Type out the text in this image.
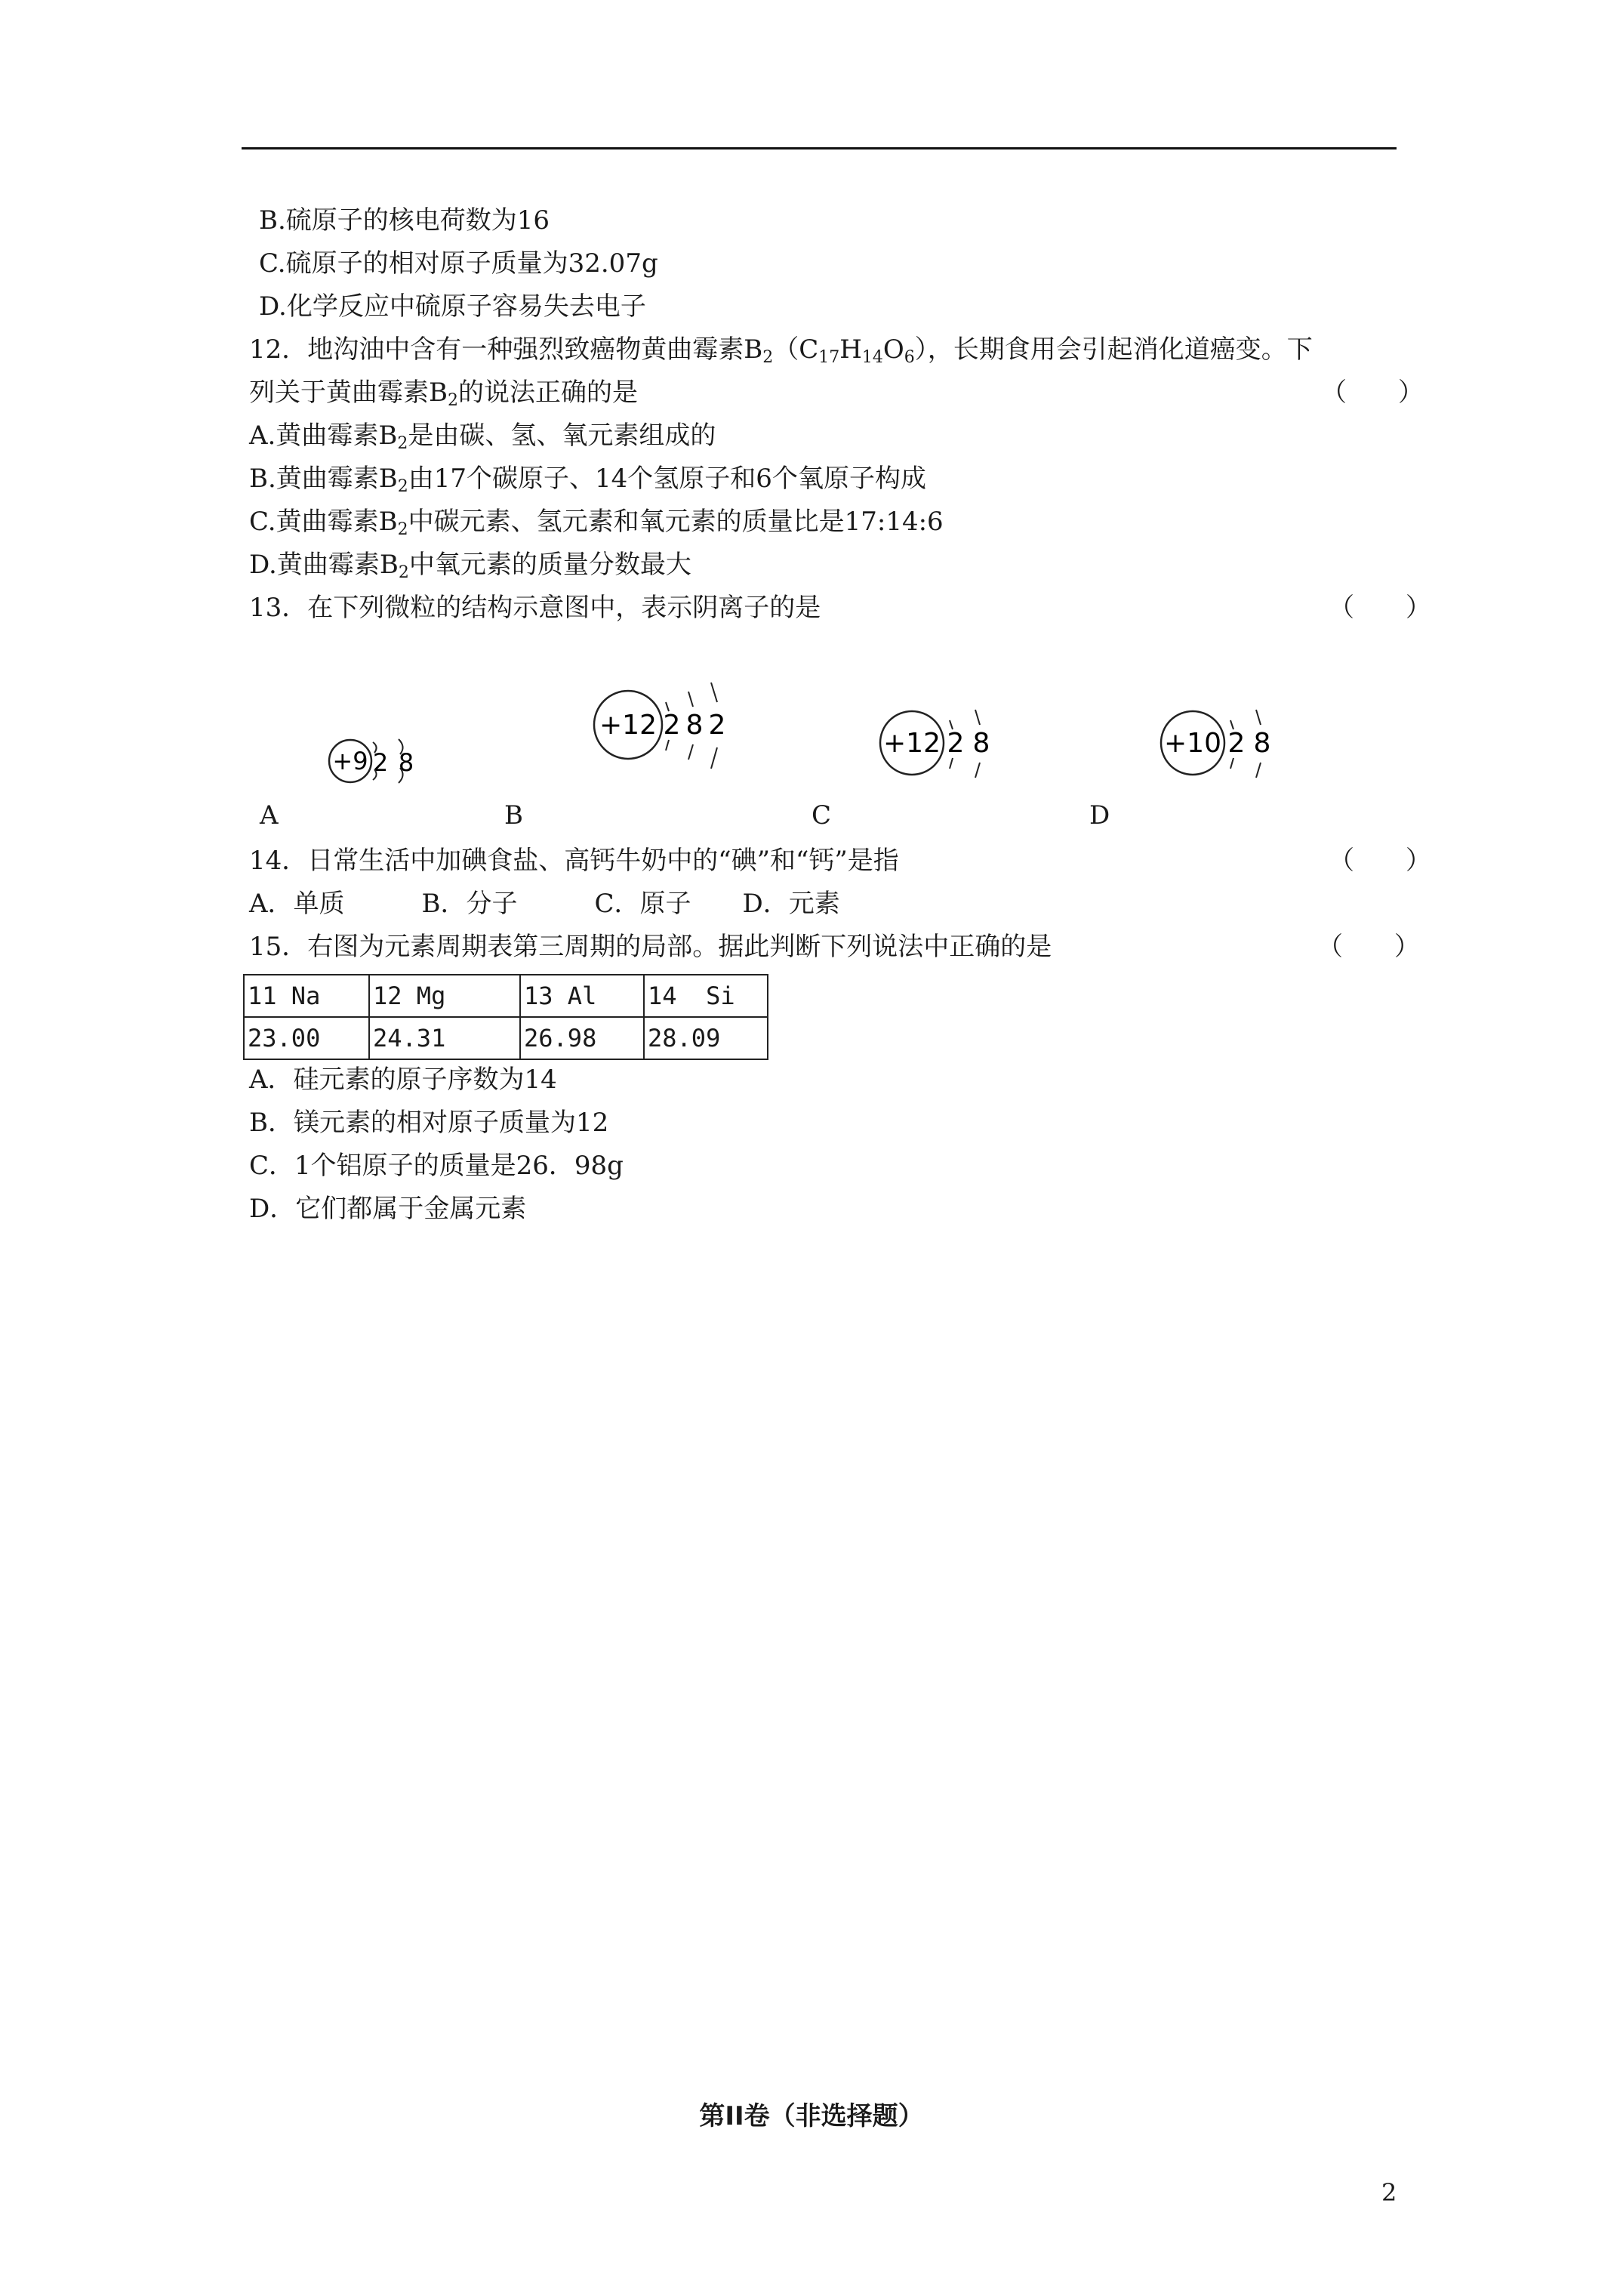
B.硫原子的核电荷数为16
C.硫原子的相对原子质量为32.07g
D.化学反应中硫原子容易失去电子
12．地沟油中含有一种强烈致癌物黄曲霉素$B_2(C_{17}H_{14}O_6)$，长期食用会引起消化道癌变。下
列关于黄曲霉素$B_2$的说法正确的是	（　　）
A.黄曲霉素$B_2$是由碳、氢、氧元素组成的
B.黄曲霉素$B_2$由17个碳原子、14个氢原子和6个氧原子构成
C.黄曲霉素$B_2$中碳元素、氢元素和氧元素的质量比是17:14:6
D.黄曲霉素$B_2$中氧元素的质量分数最大
13．在下列微粒的结构示意图中，表示阴离子的是	（　　）
+9 2 8
+12 2 8 2
+12 2 8	+10 2 8
A	B	C	D
14．日常生活中加碘食盐、高钙牛奶中的“碘”和“钙”是指	（　　）
A．单质　　　B．分子　　　C．原子　　D．元素
15．右图为元素周期表第三周期的局部。据此判断下列说法中正确的是	（　　）
11 Na	12 Mg	13 Al	14  Si
23.00	24.31	26.98	28.09
A．硅元素的原子序数为14
B．镁元素的相对原子质量为12
C．1个铝原子的质量是26．98g
D．它们都属于金属元素
第II卷（非选择题）
2
